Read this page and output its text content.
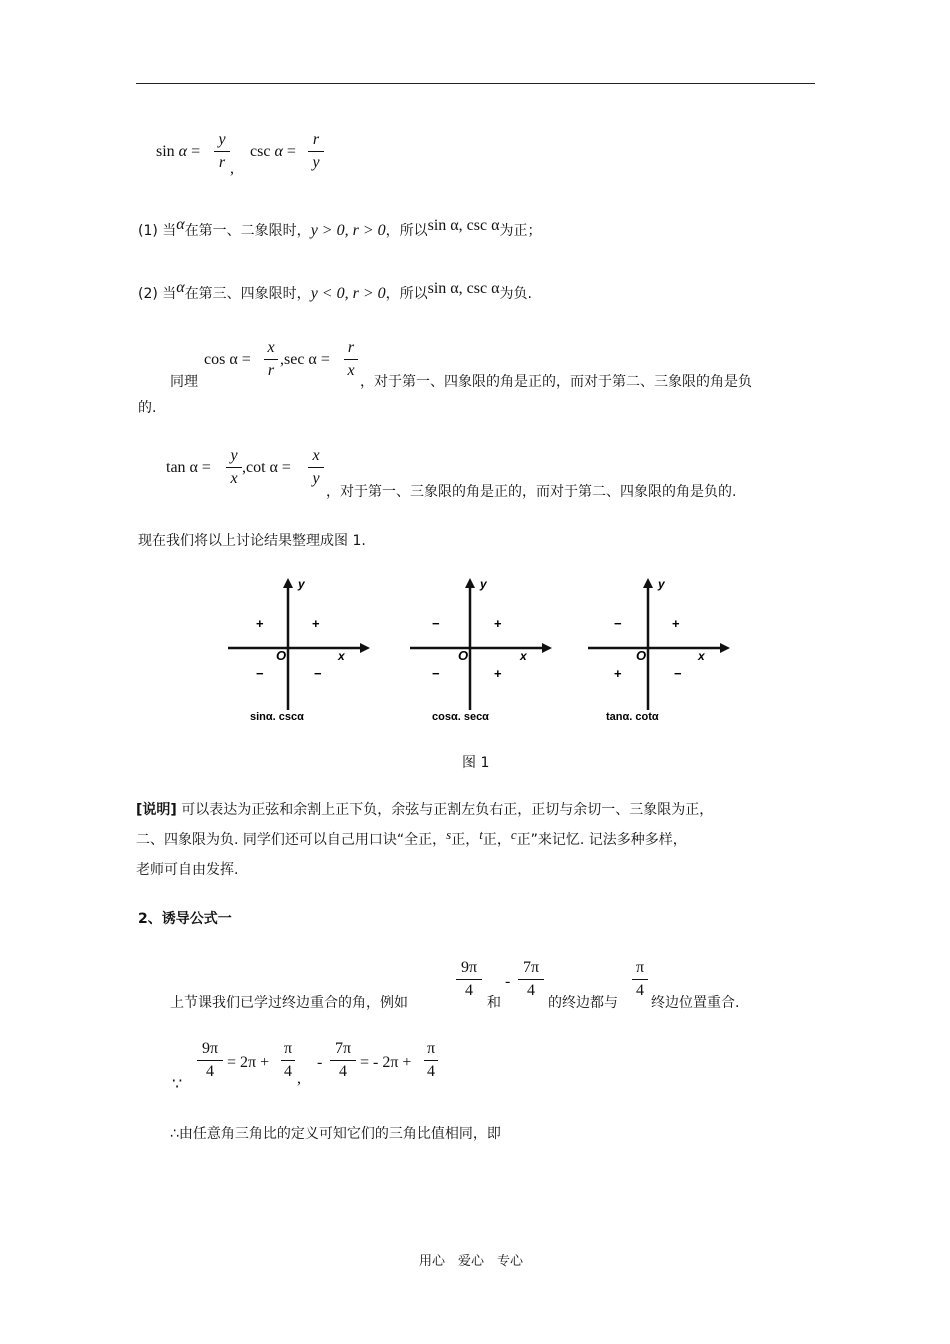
sin α =
y
r ,
csc α =
r
y
(1) 当α在第一、二象限时，y > 0, r > 0，所以sin α, csc α为正；
(2) 当α在第三、四象限时，y < 0, r > 0，所以sin α, csc α为负.
同理
cos α =
x
r
,sec α =
r
x
，对于第一、四象限的角是正的，而对于第二、三象限的角是负
的.
tan α =
y
x
,cot α =
x
y
，对于第一、三象限的角是正的，而对于第二、四象限的角是负的.
现在我们将以上讨论结果整理成图 1.
y
x
O
+
+
−	−
sinα. cscα
y
x
O
+
−
−	+
cosα. secα
y
x
O
+
−
+	−
tanα. cotα
图 1
[说明] 可以表达为正弦和余割上正下负，余弦与正割左负右正，正切与余切一、三象限为正，
二、四象限为负. 同学们还可以自己用口诀“全正，s正，t正，c正”来记忆. 记法多种多样，
老师可自由发挥.
2、诱导公式一
上节课我们已学过终边重合的角，例如
9π
4
和
-
7π
4
的终边都与
π
4
终边位置重合.
∵
9π
4
= 2π +
π
4 ,
-
7π
4
= - 2π +
π
4
∴由任意角三角比的定义可知它们的三角比值相同，即
用心　爱心　专心
